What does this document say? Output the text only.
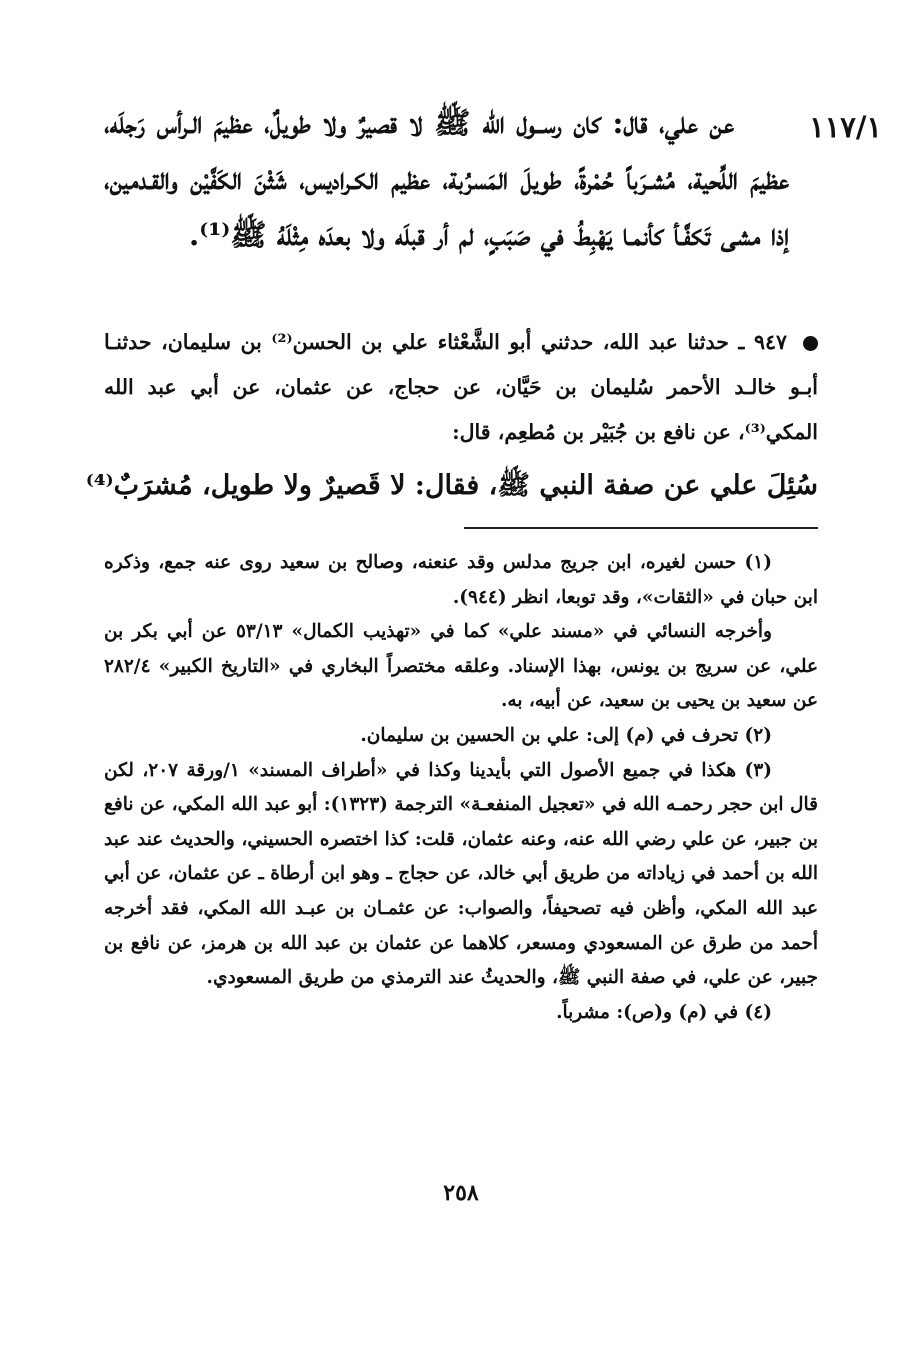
١١٧/١

عن علي، قال: كان رســول الله ﷺ لا قصيرٌ ولا طويلٌ، عظيمَ الـرأس رَجلَه، عظيمَ اللِّحية، مُشـرَباً حُمْرةً، طويلَ المَسرُبة، عظيم الكـراديس، شَثْنَ الكَفَّيْن والقـدمين، إذا مشى تَكفَّـأ كأنمـا يَهْبِطُ في صَبَبٍ، لم أر قبلَه ولا بعدَه مِثْلَهُ ﷺ⁽¹⁾.

٩٤٧ ـ حدثنا عبد الله، حدثني أبو الشَّعْثاء علي بن الحسن⁽²⁾ بن سليمان، حدثنـا أبـو خالـد الأحمر سُليمان بن حَيَّان، عن حجاج، عن عثمان، عن أبي عبد الله المكي⁽³⁾، عن نافع بن جُبَيْر بن مُطعِم، قال:

سُئِلَ علي عن صفة النبي ﷺ، فقال: لا قَصيرٌ ولا طويل، مُشرَبٌ⁽⁴⁾

(١) حسن لغيره، ابن جريج مدلس وقد عنعنه، وصالح بن سعيد روى عنه جمع، وذكره ابن حبان في «الثقات»، وقد توبعا، انظر (٩٤٤).

وأخرجه النسائي في «مسند علي» كما في «تهذيب الكمال» ٥٣/١٣ عن أبي بكر بن علي، عن سريج بن يونس، بهذا الإسناد. وعلقه مختصراً البخاري في «التاريخ الكبير» ٢٨٢/٤ عن سعيد بن يحيى بن سعيد، عن أبيه، به.

(٢) تحرف في (م) إلى: علي بن الحسين بن سليمان.

(٣) هكذا في جميع الأصول التي بأيدينا وكذا في «أطراف المسند» ١/ورقة ٢٠٧، لكن قال ابن حجر رحمـه الله في «تعجيل المنفعـة» الترجمة (١٣٢٣): أبو عبد الله المكي، عن نافع بن جبير، عن علي رضي الله عنه، وعنه عثمان، قلت: كذا اختصره الحسيني، والحديث عند عبد الله بن أحمد في زياداته من طريق أبي خالد، عن حجاج ـ وهو ابن أرطاة ـ عن عثمان، عن أبي عبد الله المكي، وأظن فيه تصحيفاً، والصواب: عن عثمـان بن عبـد الله المكي، فقد أخرجه أحمد من طرق عن المسعودي ومسعر، كلاهما عن عثمان بن عبد الله بن هرمز، عن نافع بن جبير، عن علي، في صفة النبي ﷺ، والحديثُ عند الترمذي من طريق المسعودي.

(٤) في (م) و(ص): مشرباً.

٢٥٨
